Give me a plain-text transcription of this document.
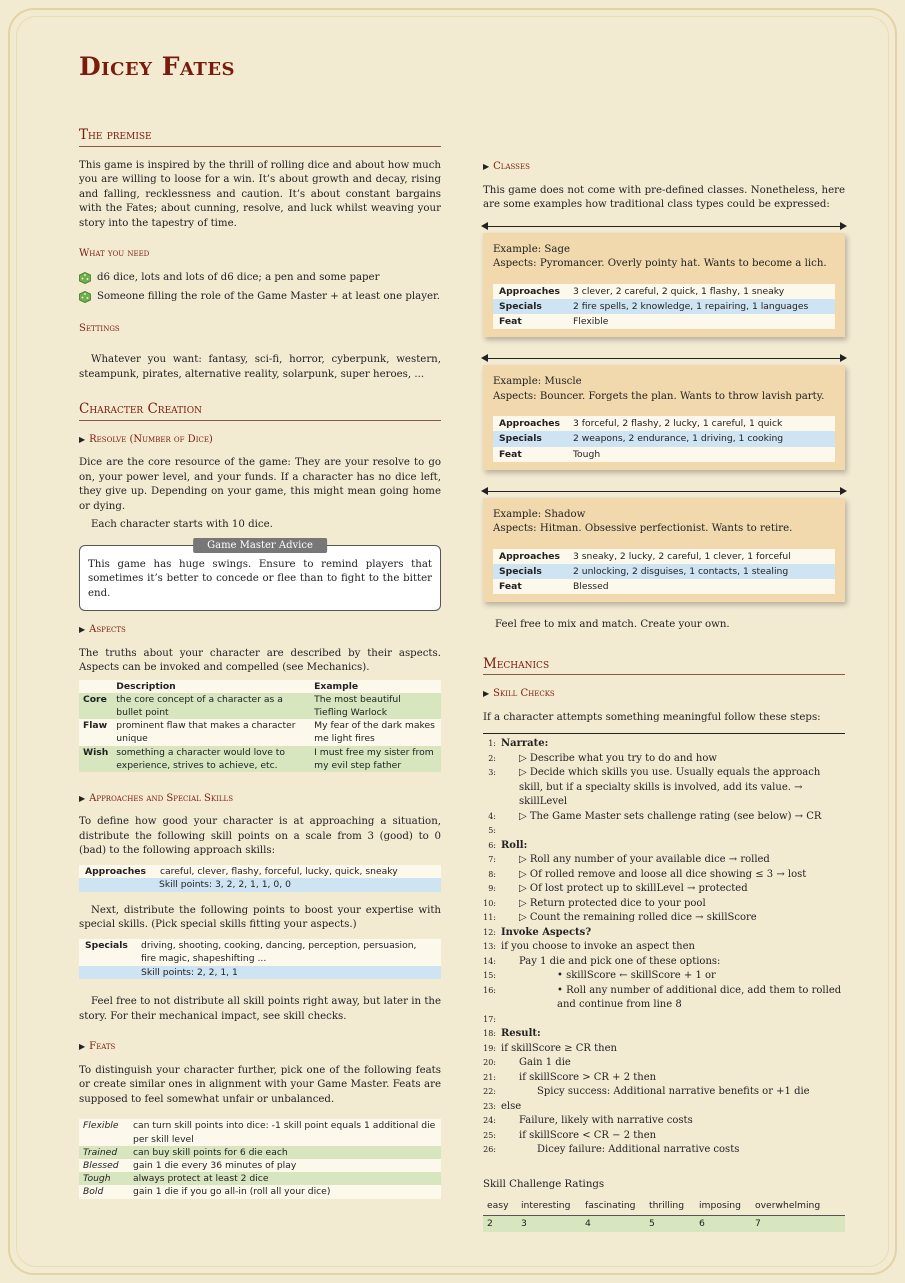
Dicey Fates
The premise

This game is inspired by the thrill of rolling dice and about how much you are willing to loose for a win. It’s about growth and decay, rising and falling, recklessness and caution. It’s about constant bargains with the Fates; about cunning, resolve, and luck whilst weaving your story into the tapestry of time.

What you need
d6 dice, lots and lots of d6 dice; a pen and some paper
Someone filling the role of the Game Master + at least one player.
Settings

Whatever you want: fantasy, sci-fi, horror, cyberpunk, western, steampunk, pirates, alternative reality, solarpunk, super heroes, ...

Character Creation
▶ Resolve (Number of Dice)

Dice are the core resource of the game: They are your resolve to go on, your power level, and your funds. If a character has no dice left, they give up. Depending on your game, this might mean going home or dying.

Each character starts with 10 dice.

Game Master Advice

This game has huge swings. Ensure to remind players that sometimes it’s better to concede or flee than to fight to the bitter end.

▶ Aspects

The truths about your character are described by their aspects. Aspects can be invoked and compelled (see Mechanics).

	Description	Example
Core	the core concept of a character as a bullet point	The most beautiful Tiefling Warlock
Flaw	prominent flaw that makes a character unique	My fear of the dark makes me light fires
Wish	something a character would love to experience, strives to achieve, etc.	I must free my sister from my evil step father
▶ Approaches and Special Skills

To define how good your character is at approaching a situation, distribute the following skill points on a scale from 3 (good) to 0 (bad) to the following approach skills:

Approaches	careful, clever, flashy, forceful, lucky, quick, sneaky
Skill points: 3, 2, 2, 1, 1, 0, 0

Next, distribute the following points to boost your expertise with special skills. (Pick special skills fitting your aspects.)

Specials	driving, shooting, cooking, dancing, perception, persuasion,
fire magic, shapeshifting ...
Skill points: 2, 2, 1, 1

Feel free to not distribute all skill points right away, but later in the story. For their mechanical impact, see skill checks.

▶ Feats

To distinguish your character further, pick one of the following feats or create similar ones in alignment with your Game Master. Feats are supposed to feel somewhat unfair or unbalanced.

Flexible	can turn skill points into dice: -1 skill point equals 1 additional die per skill level
Trained	can buy skill points for 6 die each
Blessed	gain 1 die every 36 minutes of play
Tough	always protect at least 2 dice
Bold	gain 1 die if you go all-in (roll all your dice)
▶ Classes

This game does not come with pre-defined classes. Nonetheless, here are some examples how traditional class types could be expressed:

Example: Sage
Aspects: Pyromancer. Overly pointy hat. Wants to become a lich.
Approaches	3 clever, 2 careful, 2 quick, 1 flashy, 1 sneaky
Specials	2 fire spells, 2 knowledge, 1 repairing, 1 languages
Feat	Flexible
Example: Muscle
Aspects: Bouncer. Forgets the plan. Wants to throw lavish party.
Approaches	3 forceful, 2 flashy, 2 lucky, 1 careful, 1 quick
Specials	2 weapons, 2 endurance, 1 driving, 1 cooking
Feat	Tough
Example: Shadow
Aspects: Hitman. Obsessive perfectionist. Wants to retire.
Approaches	3 sneaky, 2 lucky, 2 careful, 1 clever, 1 forceful
Specials	2 unlocking, 2 disguises, 1 contacts, 1 stealing
Feat	Blessed

Feel free to mix and match. Create your own.

Mechanics
▶ Skill Checks

If a character attempts something meaningful follow these steps:

1: Narrate:
2:	▷ Describe what you try to do and how
3:	▷ Decide which skills you use. Usually equals the approach skill, but if a specialty skills is involved, add its value. → skillLevel
4:	▷ The Game Master sets challenge rating (see below) → CR
5:
6: Roll:
7:	▷ Roll any number of your available dice → rolled
8:	▷ Of rolled remove and loose all dice showing ≤ 3 → lost
9:	▷ Of lost protect up to skillLevel → protected
10:	▷ Return protected dice to your pool
11:	▷ Count the remaining rolled dice → skillScore
12: Invoke Aspects?
13: if you choose to invoke an aspect then
14:	Pay 1 die and pick one of these options:
15:	• skillScore ← skillScore + 1 or
16:	• Roll any number of additional dice, add them to rolled and continue from line 8
17:
18: Result:
19: if skillScore ≥ CR then
20:	Gain 1 die
21:	if skillScore > CR + 2 then
22:	Spicy success: Additional narrative benefits or +1 die
23: else
24:	Failure, likely with narrative costs
25:	if skillScore < CR − 2 then
26:	Dicey failure: Additional narrative costs

Skill Challenge Ratings

easy	interesting	fascinating	thrilling	imposing	overwhelming
2	3	4	5	6	7
